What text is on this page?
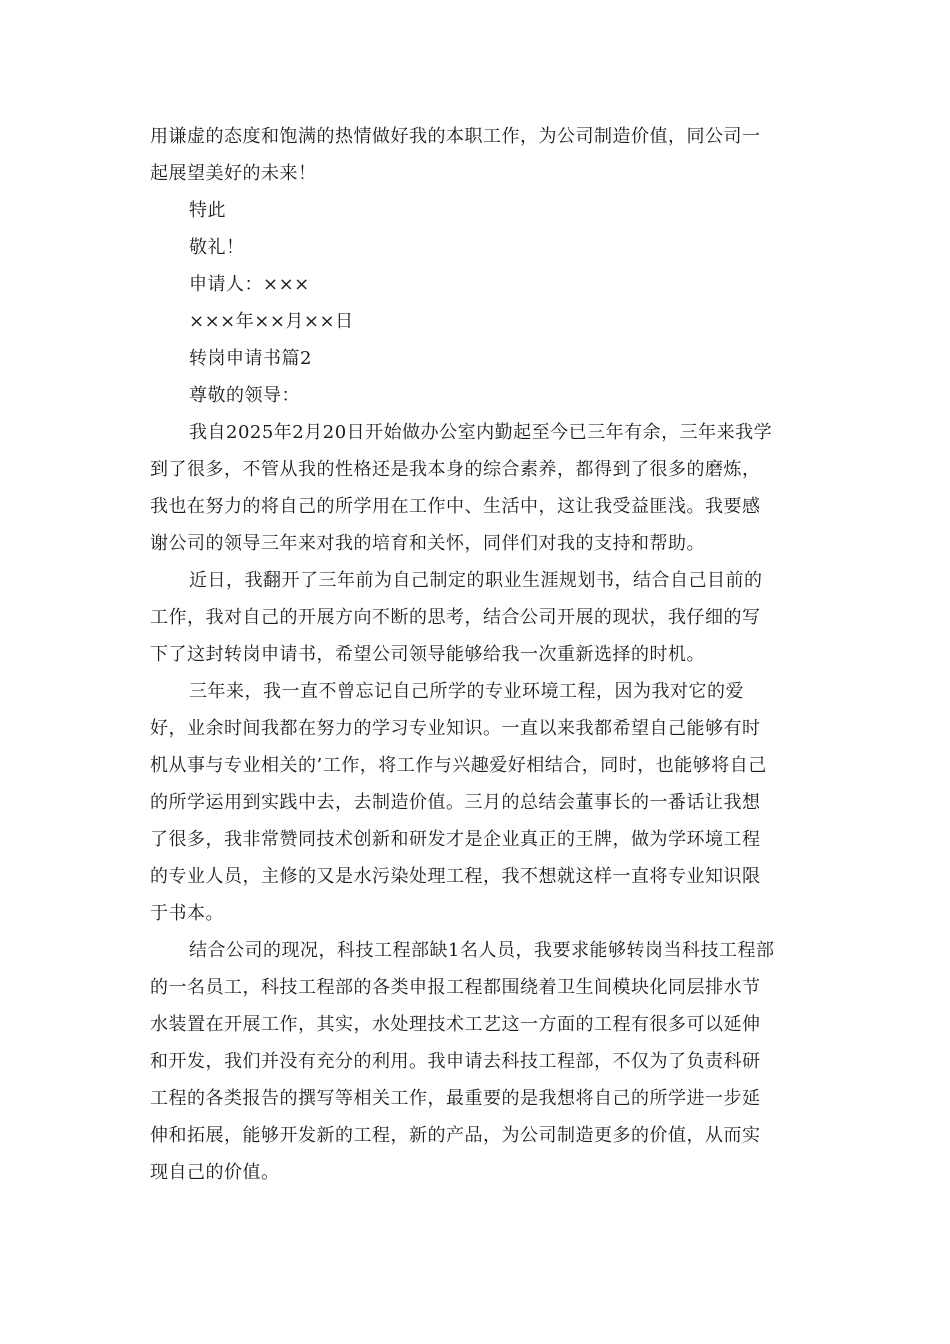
用谦虚的态度和饱满的热情做好我的本职工作，为公司制造价值，同公司一
起展望美好的未来！
特此
敬礼！
申请人：×××
×××年××月××日
转岗申请书篇2
尊敬的领导：
我自2025年2月20日开始做办公室内勤起至今已三年有余，三年来我学
到了很多，不管从我的性格还是我本身的综合素养，都得到了很多的磨炼，
我也在努力的将自己的所学用在工作中、生活中，这让我受益匪浅。我要感
谢公司的领导三年来对我的培育和关怀，同伴们对我的支持和帮助。
近日，我翻开了三年前为自己制定的职业生涯规划书，结合自己目前的
工作，我对自己的开展方向不断的思考，结合公司开展的现状，我仔细的写
下了这封转岗申请书，希望公司领导能够给我一次重新选择的时机。
三年来，我一直不曾忘记自己所学的专业环境工程，因为我对它的爱
好，业余时间我都在努力的学习专业知识。一直以来我都希望自己能够有时
机从事与专业相关的’工作，将工作与兴趣爱好相结合，同时，也能够将自己
的所学运用到实践中去，去制造价值。三月的总结会董事长的一番话让我想
了很多，我非常赞同技术创新和研发才是企业真正的王牌，做为学环境工程
的专业人员，主修的又是水污染处理工程，我不想就这样一直将专业知识限
于书本。
结合公司的现况，科技工程部缺1名人员，我要求能够转岗当科技工程部
的一名员工，科技工程部的各类申报工程都围绕着卫生间模块化同层排水节
水装置在开展工作，其实，水处理技术工艺这一方面的工程有很多可以延伸
和开发，我们并没有充分的利用。我申请去科技工程部，不仅为了负责科研
工程的各类报告的撰写等相关工作，最重要的是我想将自己的所学进一步延
伸和拓展，能够开发新的工程，新的产品，为公司制造更多的价值，从而实
现自己的价值。
